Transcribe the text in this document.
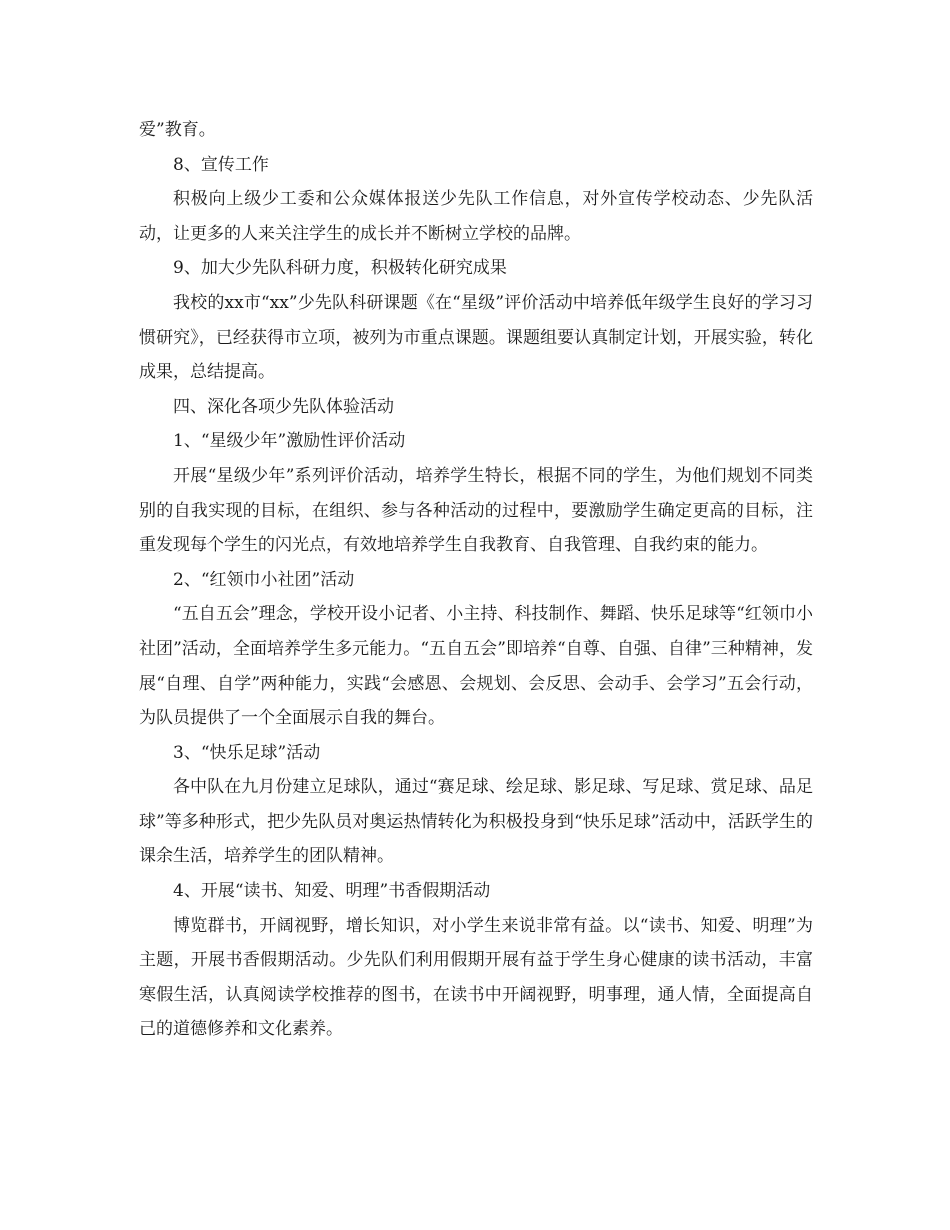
爱”教育。

8、宣传工作

积极向上级少工委和公众媒体报送少先队工作信息，对外宣传学校动态、少先队活动，让更多的人来关注学生的成长并不断树立学校的品牌。

9、加大少先队科研力度，积极转化研究成果

我校的xx市“xx”少先队科研课题《在“星级”评价活动中培养低年级学生良好的学习习惯研究》，已经获得市立项，被列为市重点课题。课题组要认真制定计划，开展实验，转化成果，总结提高。

四、深化各项少先队体验活动

1、“星级少年”激励性评价活动

开展“星级少年”系列评价活动，培养学生特长，根据不同的学生，为他们规划不同类别的自我实现的目标，在组织、参与各种活动的过程中，要激励学生确定更高的目标，注重发现每个学生的闪光点，有效地培养学生自我教育、自我管理、自我约束的能力。

2、“红领巾小社团”活动

“五自五会”理念，学校开设小记者、小主持、科技制作、舞蹈、快乐足球等“红领巾小社团”活动，全面培养学生多元能力。“五自五会”即培养“自尊、自强、自律”三种精神，发展“自理、自学”两种能力，实践“会感恩、会规划、会反思、会动手、会学习”五会行动，为队员提供了一个全面展示自我的舞台。

3、“快乐足球”活动

各中队在九月份建立足球队，通过“赛足球、绘足球、影足球、写足球、赏足球、品足球”等多种形式，把少先队员对奥运热情转化为积极投身到“快乐足球”活动中，活跃学生的课余生活，培养学生的团队精神。

4、开展“读书、知爱、明理”书香假期活动

博览群书，开阔视野，增长知识，对小学生来说非常有益。以“读书、知爱、明理”为主题，开展书香假期活动。少先队们利用假期开展有益于学生身心健康的读书活动，丰富寒假生活，认真阅读学校推荐的图书，在读书中开阔视野，明事理，通人情，全面提高自己的道德修养和文化素养。
